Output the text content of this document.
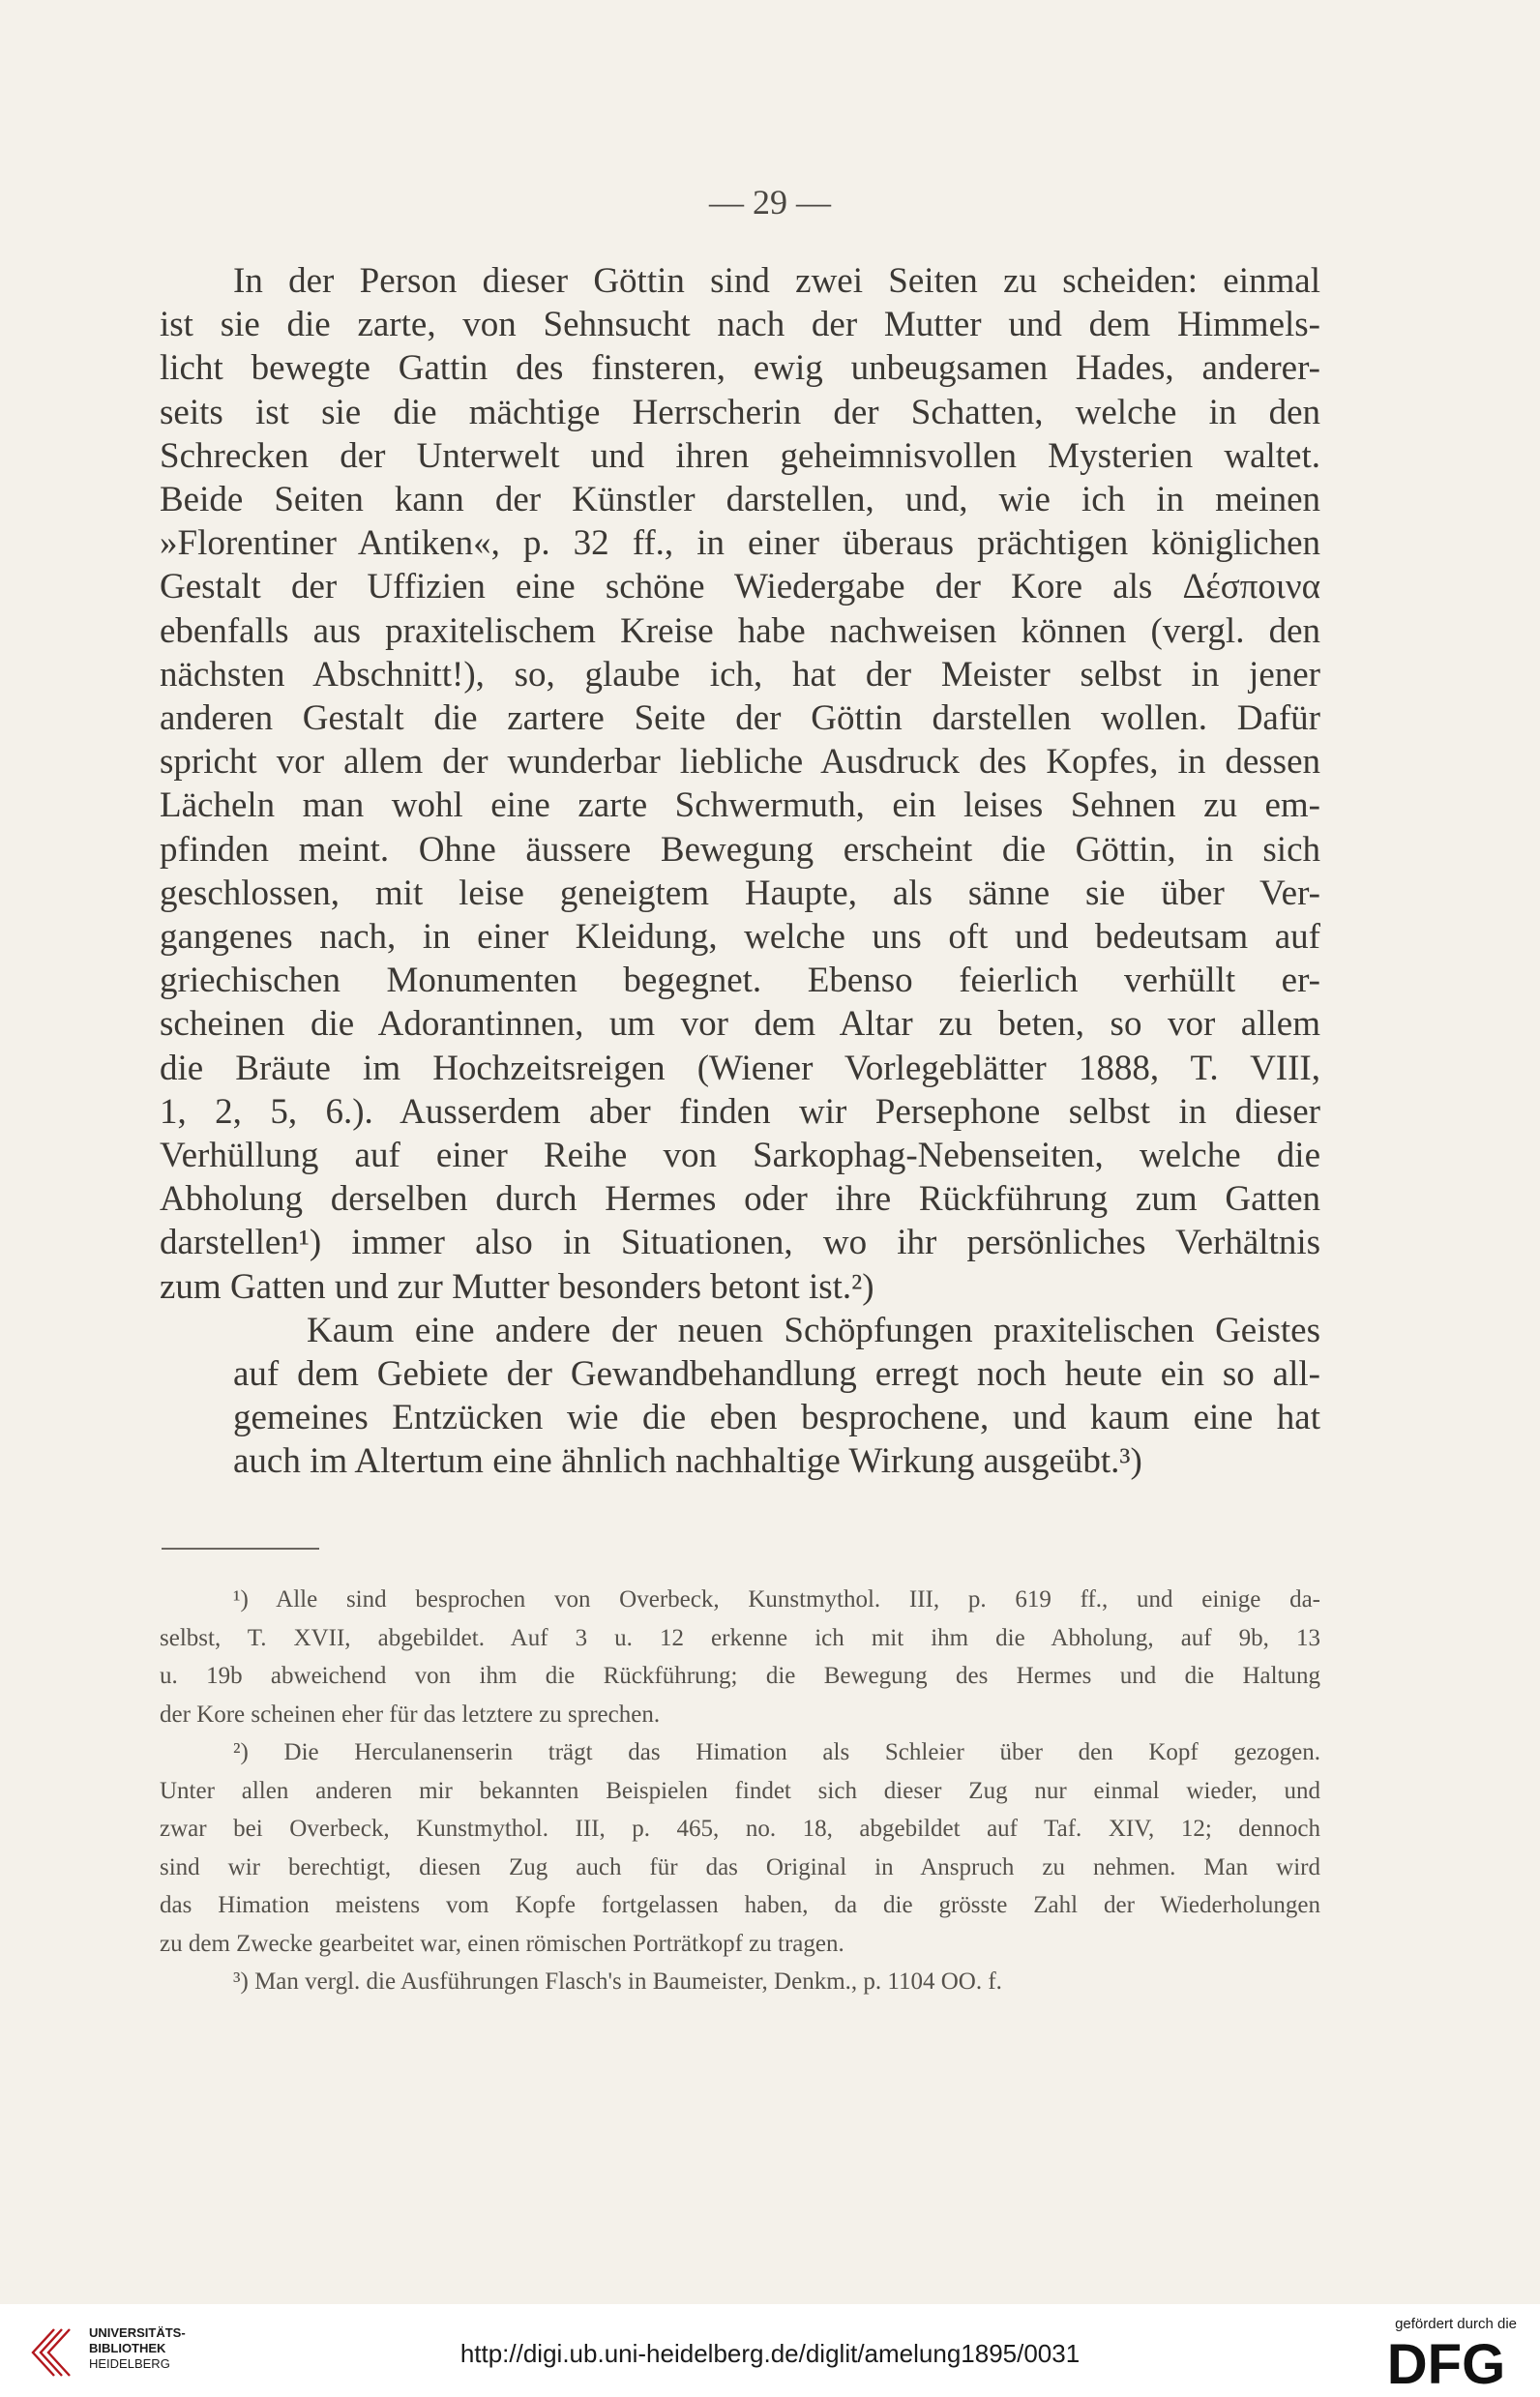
— 29 —

In der Person dieser Göttin sind zwei Seiten zu scheiden: einmal
ist sie die zarte, von Sehnsucht nach der Mutter und dem Himmels-
licht bewegte Gattin des finsteren, ewig unbeugsamen Hades, anderer-
seits ist sie die mächtige Herrscherin der Schatten, welche in den
Schrecken der Unterwelt und ihren geheimnisvollen Mysterien waltet.
Beide Seiten kann der Künstler darstellen, und, wie ich in meinen
»Florentiner Antiken«, p. 32 ff., in einer überaus prächtigen königlichen
Gestalt der Uffizien eine schöne Wiedergabe der Kore als Δέσποινα
ebenfalls aus praxitelischem Kreise habe nachweisen können (vergl. den
nächsten Abschnitt!), so, glaube ich, hat der Meister selbst in jener
anderen Gestalt die zartere Seite der Göttin darstellen wollen. Dafür
spricht vor allem der wunderbar liebliche Ausdruck des Kopfes, in dessen
Lächeln man wohl eine zarte Schwermuth, ein leises Sehnen zu em-
pfinden meint. Ohne äussere Bewegung erscheint die Göttin, in sich
geschlossen, mit leise geneigtem Haupte, als sänne sie über Ver-
gangenes nach, in einer Kleidung, welche uns oft und bedeutsam auf
griechischen Monumenten begegnet. Ebenso feierlich verhüllt er-
scheinen die Adorantinnen, um vor dem Altar zu beten, so vor allem
die Bräute im Hochzeitsreigen (Wiener Vorlegeblätter 1888, T. VIII,
1, 2, 5, 6.). Ausserdem aber finden wir Persephone selbst in dieser
Verhüllung auf einer Reihe von Sarkophag-Nebenseiten, welche die
Abholung derselben durch Hermes oder ihre Rückführung zum Gatten
darstellen¹) immer also in Situationen, wo ihr persönliches Verhältnis
zum Gatten und zur Mutter besonders betont ist.²)

Kaum eine andere der neuen Schöpfungen praxitelischen Geistes
auf dem Gebiete der Gewandbehandlung erregt noch heute ein so all-
gemeines Entzücken wie die eben besprochene, und kaum eine hat
auch im Altertum eine ähnlich nachhaltige Wirkung ausgeübt.³)

¹) Alle sind besprochen von Overbeck, Kunstmythol. III, p. 619 ff., und einige da-
selbst, T. XVII, abgebildet. Auf 3 u. 12 erkenne ich mit ihm die Abholung, auf 9b, 13
u. 19b abweichend von ihm die Rückführung; die Bewegung des Hermes und die Haltung
der Kore scheinen eher für das letztere zu sprechen.
²) Die Herculanenserin trägt das Himation als Schleier über den Kopf gezogen.
Unter allen anderen mir bekannten Beispielen findet sich dieser Zug nur einmal wieder, und
zwar bei Overbeck, Kunstmythol. III, p. 465, no. 18, abgebildet auf Taf. XIV, 12; dennoch
sind wir berechtigt, diesen Zug auch für das Original in Anspruch zu nehmen. Man wird
das Himation meistens vom Kopfe fortgelassen haben, da die grösste Zahl der Wiederholungen
zu dem Zwecke gearbeitet war, einen römischen Porträtkopf zu tragen.
³) Man vergl. die Ausführungen Flasch's in Baumeister, Denkm., p. 1104 OO. f.
UNIVERSITÄTS-
BIBLIOTHEK
HEIDELBERG	http://digi.ub.uni-heidelberg.de/diglit/amelung1895/0031
gefördert durch die
DFG
